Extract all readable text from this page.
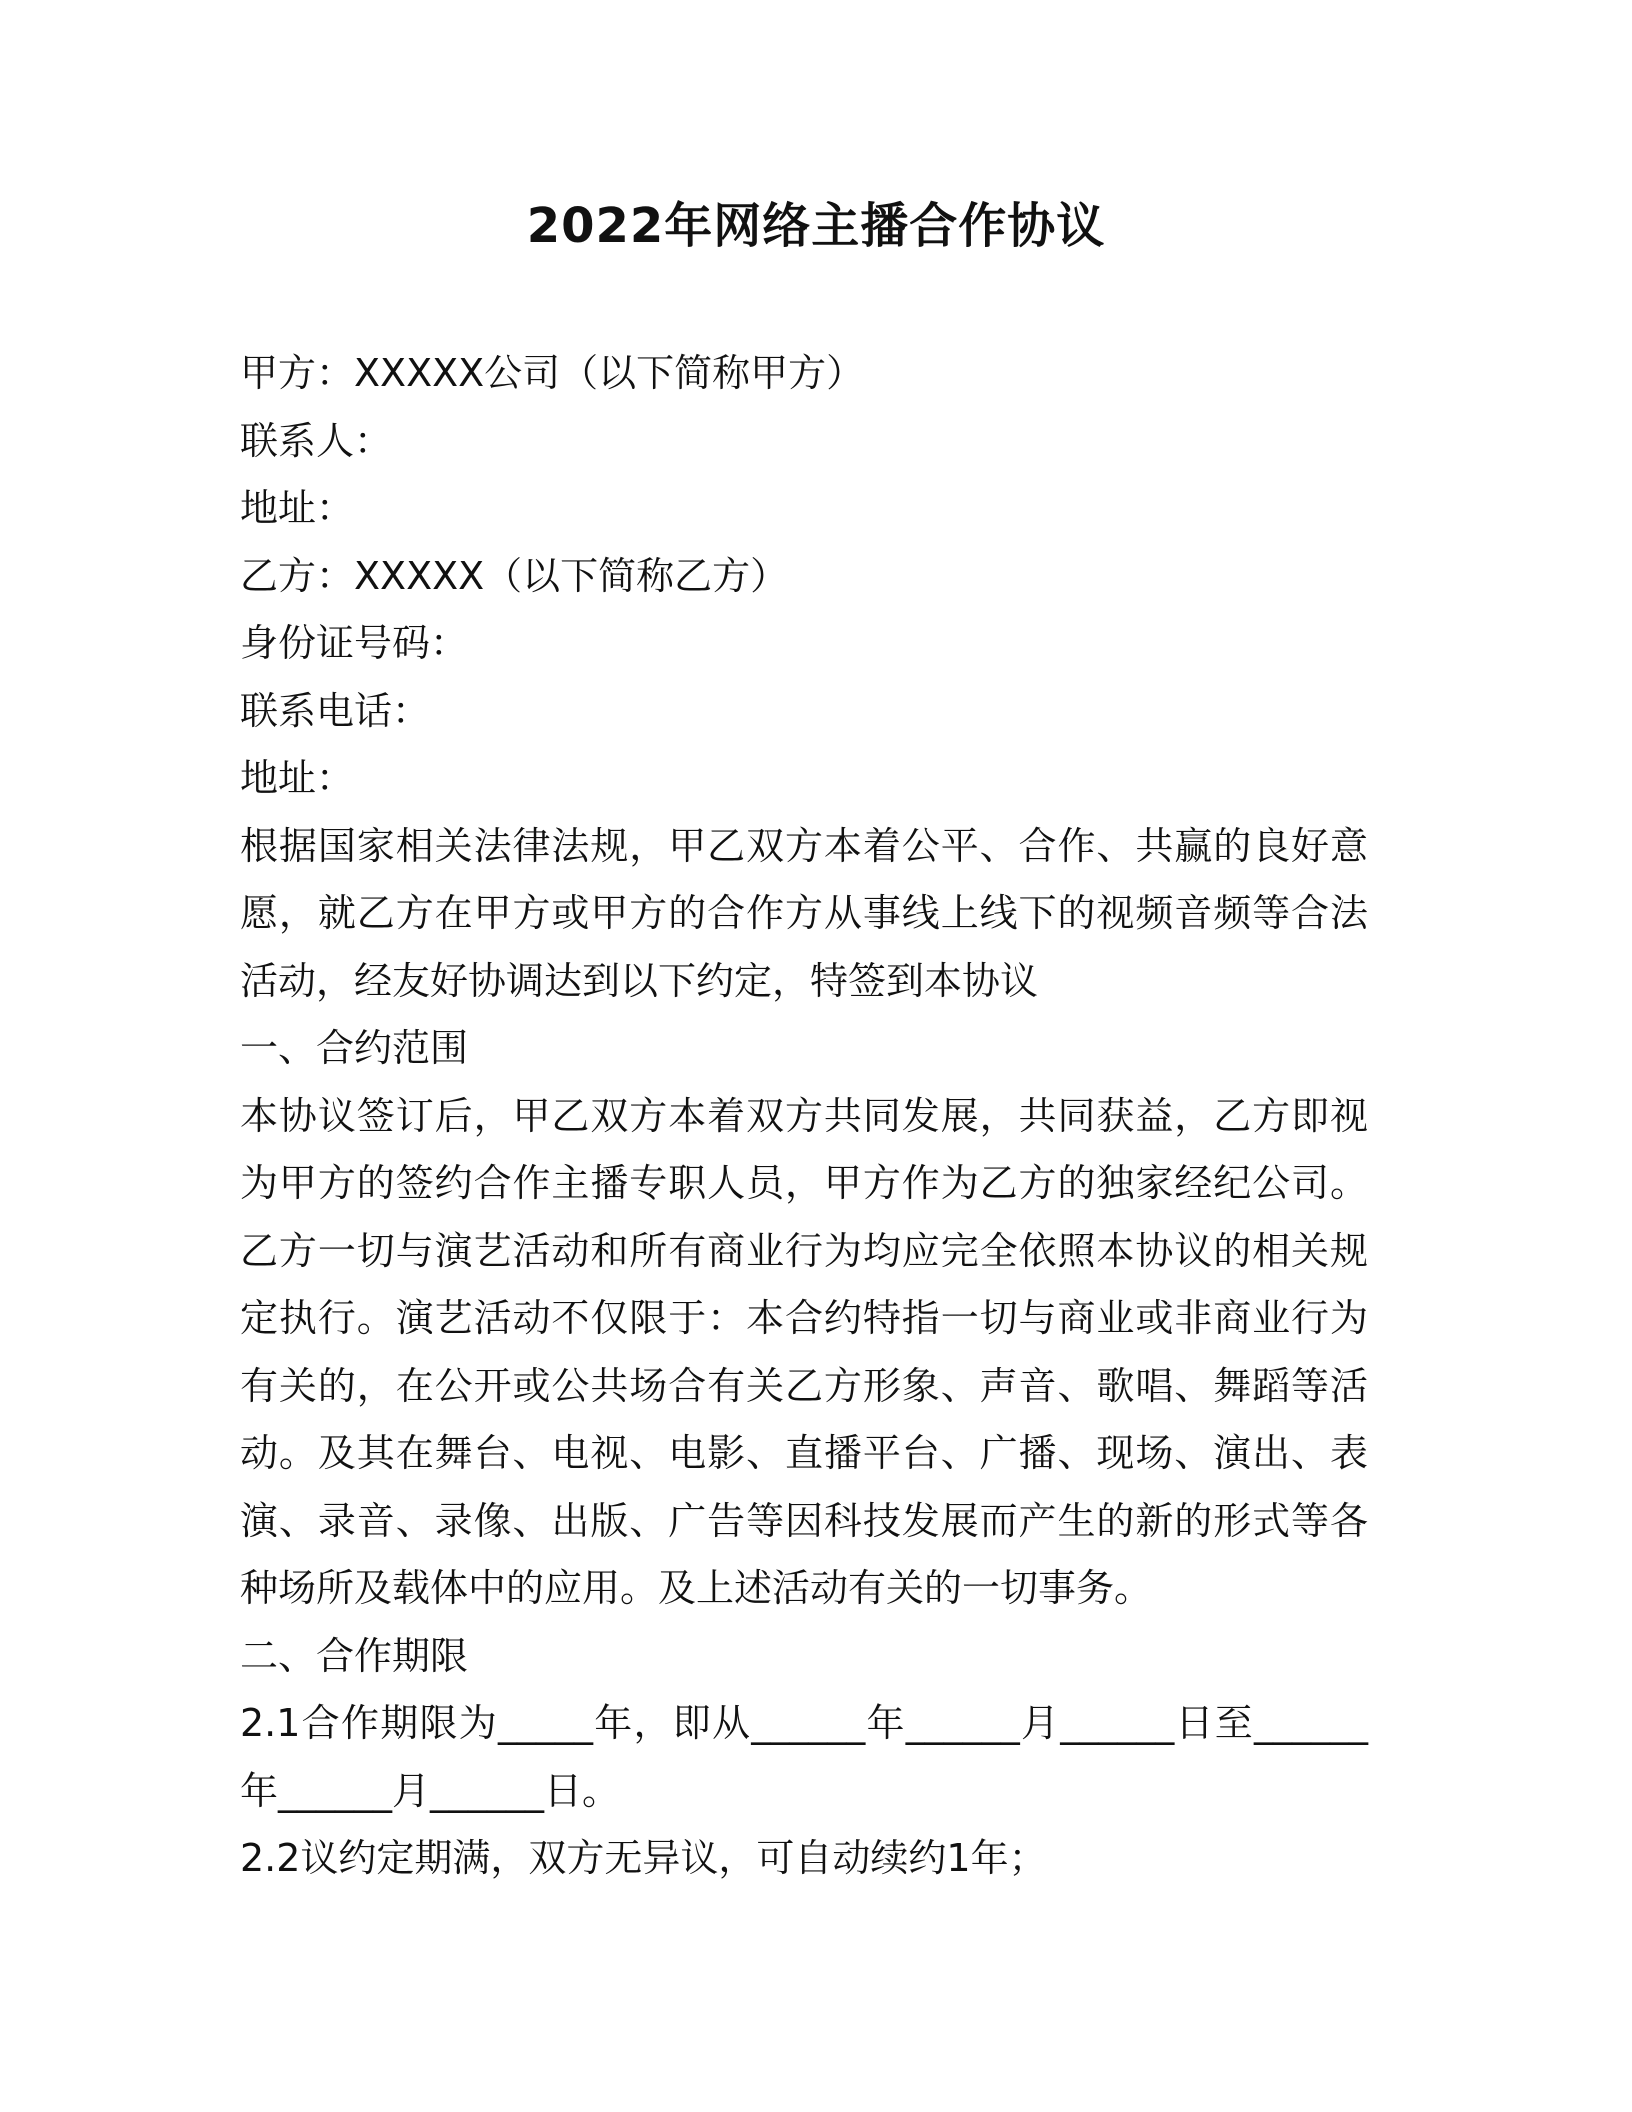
2022年网络主播合作协议
甲方：XXXXX公司（以下简称甲方）
联系人：
地址：
乙方：XXXXX（以下简称乙方）
身份证号码：
联系电话：
地址：
根据国家相关法律法规，甲乙双方本着公平、合作、共赢的良好意愿，就乙方在甲方或甲方的合作方从事线上线下的视频音频等合法活动，经友好协调达到以下约定，特签到本协议
一、合约范围
本协议签订后，甲乙双方本着双方共同发展，共同获益，乙方即视为甲方的签约合作主播专职人员，甲方作为乙方的独家经纪公司。乙方一切与演艺活动和所有商业行为均应完全依照本协议的相关规定执行。演艺活动不仅限于：本合约特指一切与商业或非商业行为有关的，在公开或公共场合有关乙方形象、声音、歌唱、舞蹈等活动。及其在舞台、电视、电影、直播平台、广播、现场、演出、表演、录音、录像、出版、广告等因科技发展而产生的新的形式等各种场所及载体中的应用。及上述活动有关的一切事务。
二、合作期限
2.1合作期限为_____年，即从______年______月______日至______年______月______日。
2.2议约定期满，双方无异议，可自动续约1年；
